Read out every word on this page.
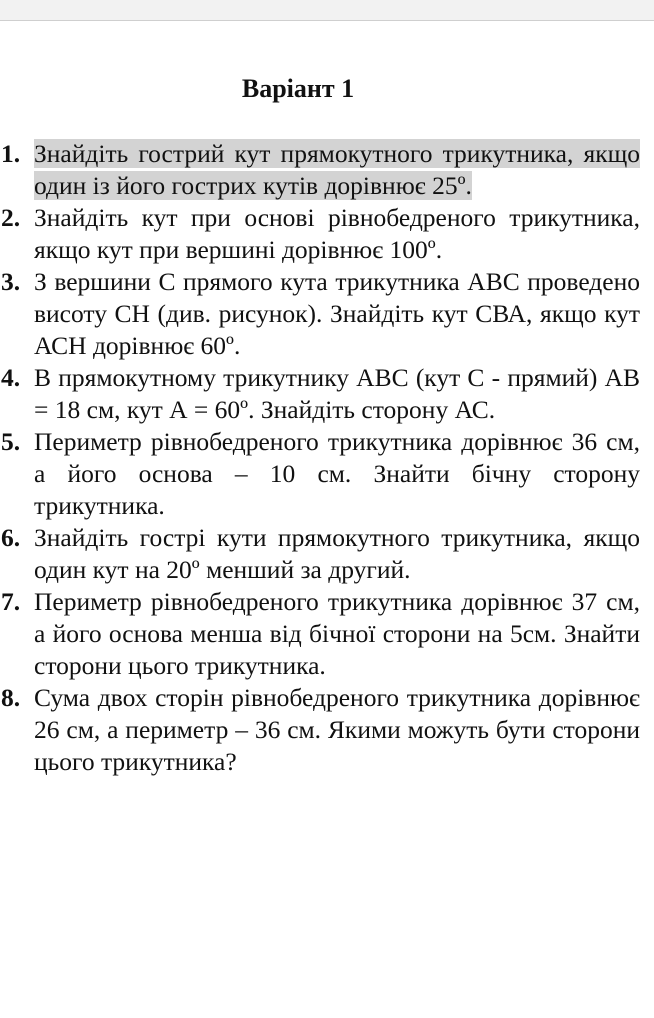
Варіант 1
1. Знайдіть гострий кут прямокутного трикутника, якщо один із його гострих кутів дорівнює 25º.
2. Знайдіть кут при основі рівнобедреного трикутника, якщо кут при вершині дорівнює 100º.
3. З вершини С прямого кута трикутника АВС проведено висоту СН (див. рисунок). Знайдіть кут СВА, якщо кут АСН дорівнює 60º.
4. В прямокутному трикутнику АВС (кут С - прямий) АВ = 18 см, кут А = 60º. Знайдіть сторону АС.
5. Периметр рівнобедреного трикутника дорівнює 36 см, а його основа – 10 см. Знайти бічну сторону трикутника.
6. Знайдіть гострі кути прямокутного трикутника, якщо один кут на 20º менший за другий.
7. Периметр рівнобедреного трикутника дорівнює 37 см, а його основа менша від бічної сторони на 5см. Знайти сторони цього трикутника.
8. Сума двох сторін рівнобедреного трикутника дорівнює 26 см, а периметр – 36 см. Якими можуть бути сторони цього трикутника?
